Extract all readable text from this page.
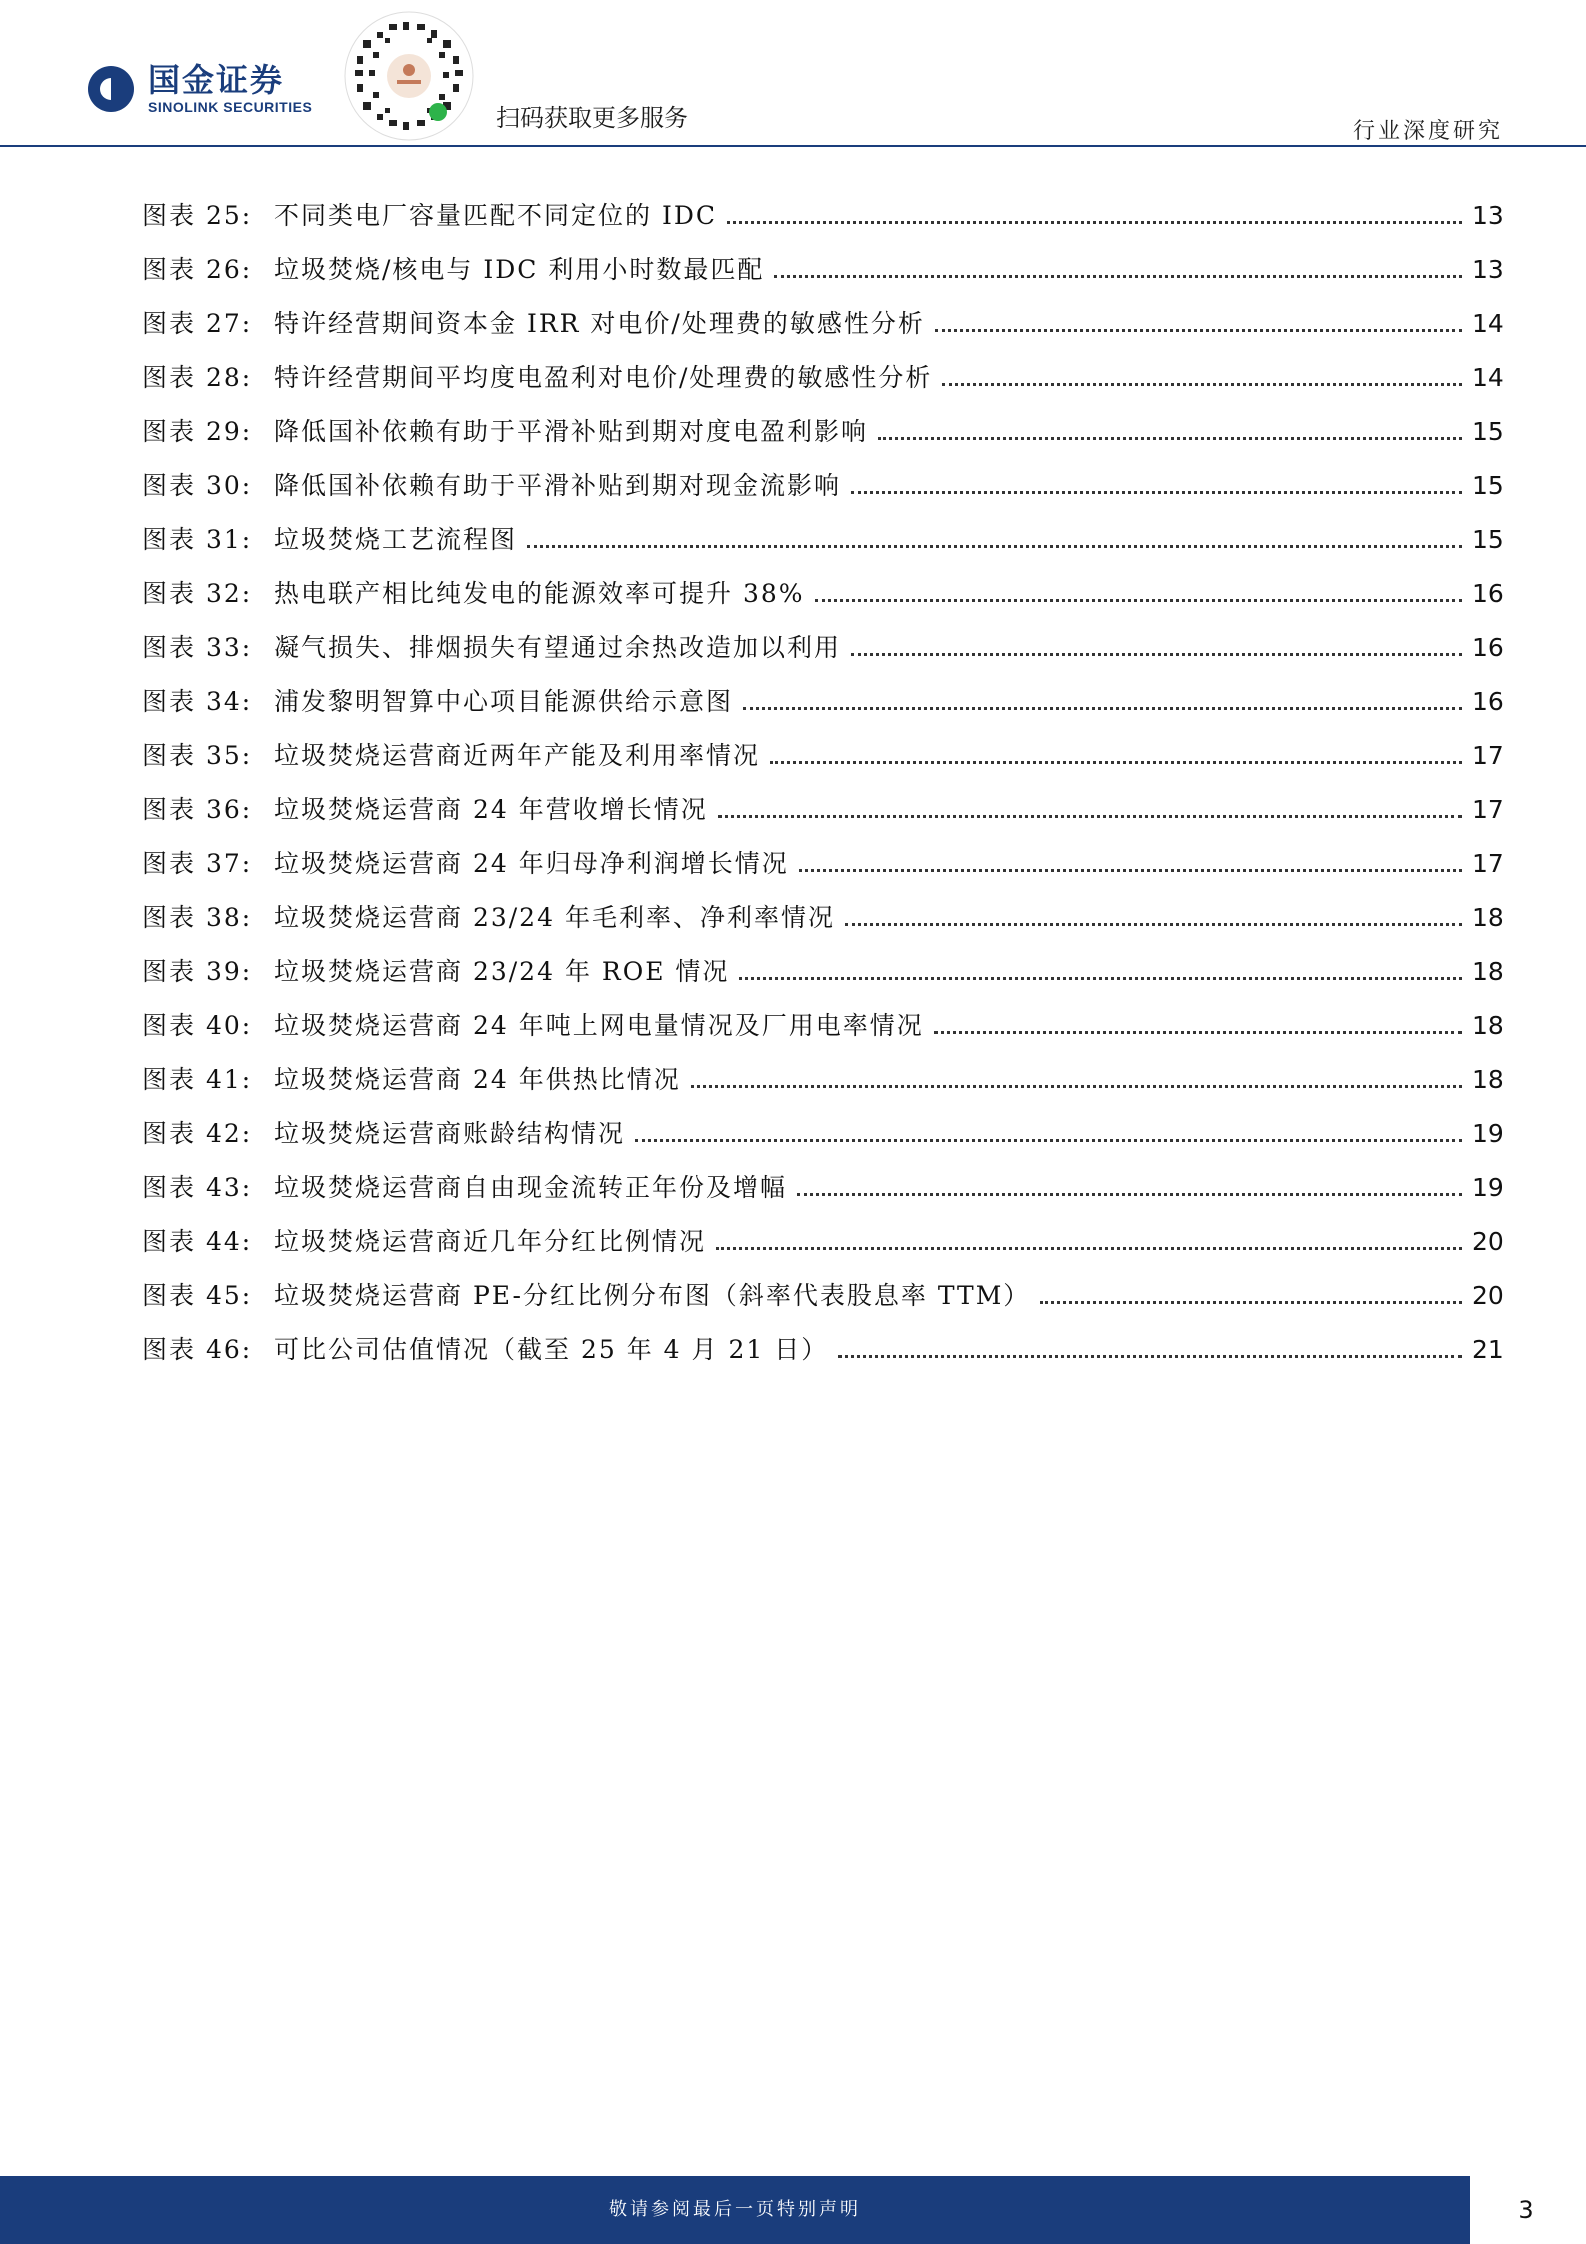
国金证券
SINOLINK SECURITIES	扫码获取更多服务	行业深度研究
图表 25: 不同类电厂容量匹配不同定位的 IDC	13
图表 26: 垃圾焚烧/核电与 IDC 利用小时数最匹配	13
图表 27: 特许经营期间资本金 IRR 对电价/处理费的敏感性分析	14
图表 28: 特许经营期间平均度电盈利对电价/处理费的敏感性分析	14
图表 29: 降低国补依赖有助于平滑补贴到期对度电盈利影响	15
图表 30: 降低国补依赖有助于平滑补贴到期对现金流影响	15
图表 31: 垃圾焚烧工艺流程图	15
图表 32: 热电联产相比纯发电的能源效率可提升 38%	16
图表 33: 凝气损失、排烟损失有望通过余热改造加以利用	16
图表 34: 浦发黎明智算中心项目能源供给示意图	16
图表 35: 垃圾焚烧运营商近两年产能及利用率情况	17
图表 36: 垃圾焚烧运营商 24 年营收增长情况	17
图表 37: 垃圾焚烧运营商 24 年归母净利润增长情况	17
图表 38: 垃圾焚烧运营商 23/24 年毛利率、净利率情况	18
图表 39: 垃圾焚烧运营商 23/24 年 ROE 情况	18
图表 40: 垃圾焚烧运营商 24 年吨上网电量情况及厂用电率情况	18
图表 41: 垃圾焚烧运营商 24 年供热比情况	18
图表 42: 垃圾焚烧运营商账龄结构情况	19
图表 43: 垃圾焚烧运营商自由现金流转正年份及增幅	19
图表 44: 垃圾焚烧运营商近几年分红比例情况	20
图表 45: 垃圾焚烧运营商 PE-分红比例分布图（斜率代表股息率 TTM）	20
图表 46: 可比公司估值情况（截至 25 年 4 月 21 日）	21
敬请参阅最后一页特别声明	3
